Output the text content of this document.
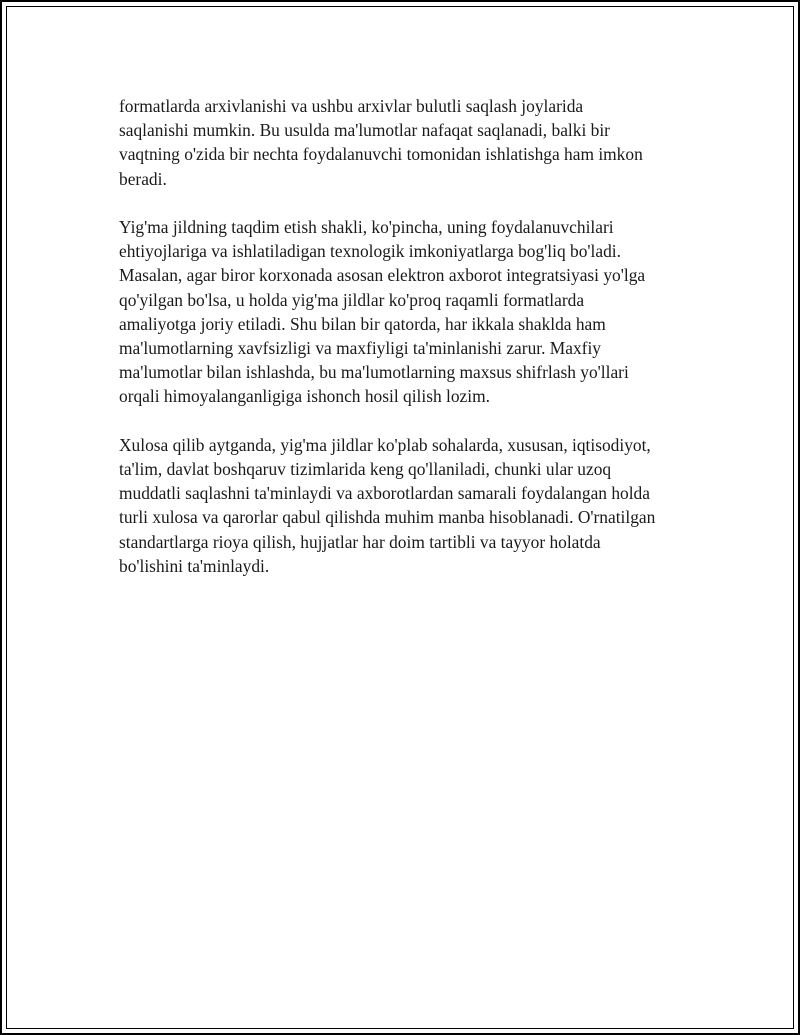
formatlarda arxivlanishi va ushbu arxivlar bulutli saqlash joylarida
saqlanishi mumkin. Bu usulda ma'lumotlar nafaqat saqlanadi, balki bir
vaqtning o'zida bir nechta foydalanuvchi tomonidan ishlatishga ham imkon
beradi.

Yig'ma jildning taqdim etish shakli, ko'pincha, uning foydalanuvchilari
ehtiyojlariga va ishlatiladigan texnologik imkoniyatlarga bog'liq bo'ladi.
Masalan, agar biror korxonada asosan elektron axborot integratsiyasi yo'lga
qo'yilgan bo'lsa, u holda yig'ma jildlar ko'proq raqamli formatlarda
amaliyotga joriy etiladi. Shu bilan bir qatorda, har ikkala shaklda ham
ma'lumotlarning xavfsizligi va maxfiyligi ta'minlanishi zarur. Maxfiy
ma'lumotlar bilan ishlashda, bu ma'lumotlarning maxsus shifrlash yo'llari
orqali himoyalanganligiga ishonch hosil qilish lozim.

Xulosa qilib aytganda, yig'ma jildlar ko'plab sohalarda, xususan, iqtisodiyot,
ta'lim, davlat boshqaruv tizimlarida keng qo'llaniladi, chunki ular uzoq
muddatli saqlashni ta'minlaydi va axborotlardan samarali foydalangan holda
turli xulosa va qarorlar qabul qilishda muhim manba hisoblanadi. O'rnatilgan
standartlarga rioya qilish, hujjatlar har doim tartibli va tayyor holatda
bo'lishini ta'minlaydi.
